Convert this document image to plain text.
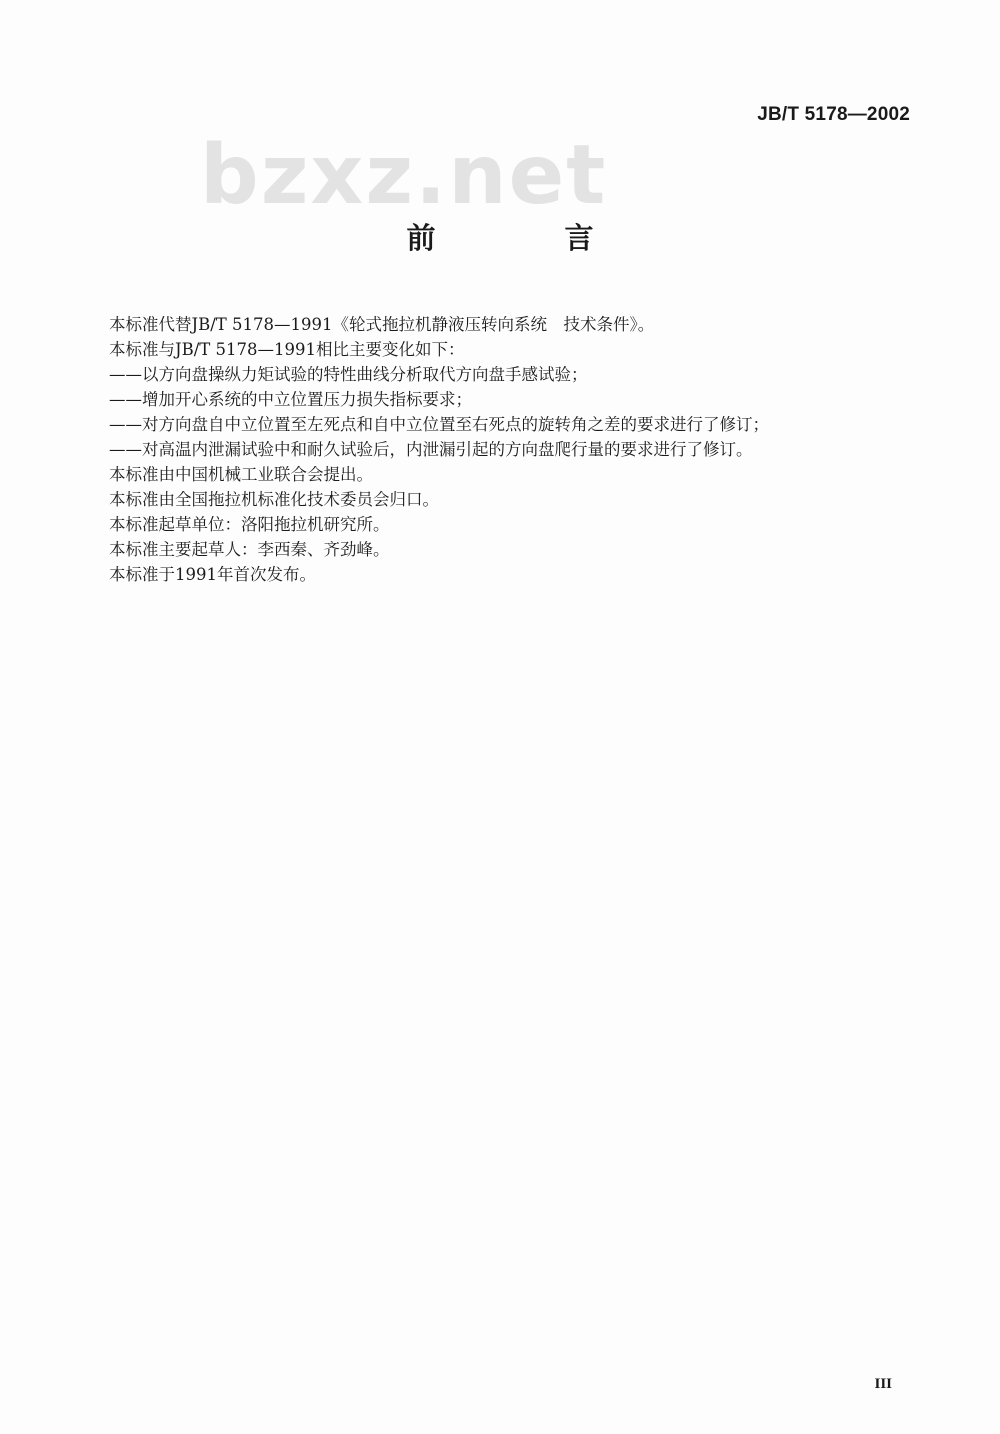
bzxz.net
JB/T 5178—2002
前　言
本标准代替JB/T 5178—1991《轮式拖拉机静液压转向系统　技术条件》。
本标准与JB/T 5178—1991相比主要变化如下：
——以方向盘操纵力矩试验的特性曲线分析取代方向盘手感试验；
——增加开心系统的中立位置压力损失指标要求；
——对方向盘自中立位置至左死点和自中立位置至右死点的旋转角之差的要求进行了修订；
——对高温内泄漏试验中和耐久试验后，内泄漏引起的方向盘爬行量的要求进行了修订。
本标准由中国机械工业联合会提出。
本标准由全国拖拉机标准化技术委员会归口。
本标准起草单位：洛阳拖拉机研究所。
本标准主要起草人：李西秦、齐劲峰。
本标准于1991年首次发布。
III
